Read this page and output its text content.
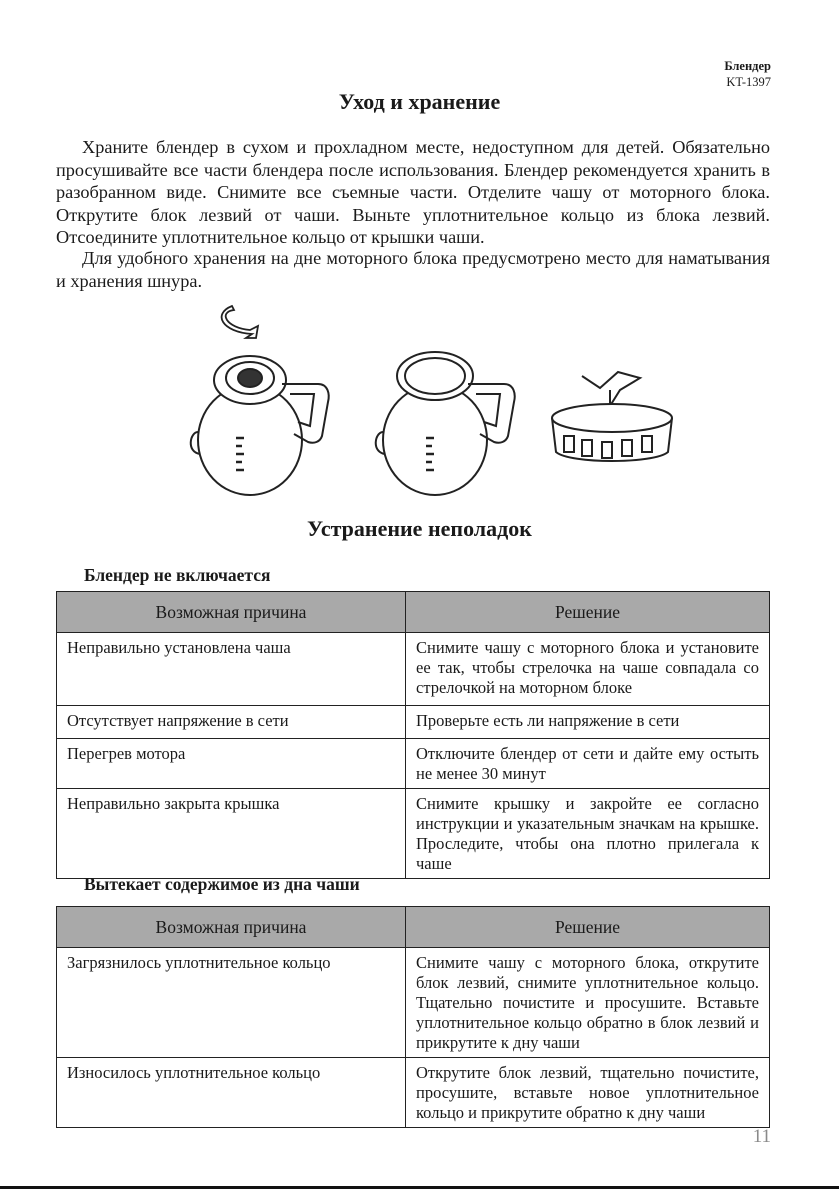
Блендер
KT-1397
Уход и хранение

Храните блендер в сухом и прохладном месте, недоступном для детей. Обязательно просушивайте все части блендера после использования. Блендер рекомендуется хранить в разобранном виде. Снимите все съемные части. Отделите чашу от моторного блока. Открутите блок лезвий от чаши. Выньте уплотнительное кольцо из блока лезвий. Отсоедините уплотнительное кольцо от крышки чаши.

Для удобного хранения на дне моторного блока предусмотрено место для наматывания и хранения шнура.

Устранение неполадок
Блендер не включается
Возможная причина	Решение
Неправильно установлена чаша	Снимите чашу с моторного блока и установите ее так, чтобы стрелочка на чаше совпадала со стрелочкой на моторном блоке
Отсутствует напряжение в сети	Проверьте есть ли напряжение в сети
Перегрев мотора	Отключите блендер от сети и дайте ему остыть не менее 30 минут
Неправильно закрыта крышка	Снимите крышку и закройте ее согласно инструкции и указательным значкам на крышке. Проследите, чтобы она плотно прилегала к чаше
Вытекает содержимое из дна чаши
Возможная причина	Решение
Загрязнилось уплотнительное кольцо	Снимите чашу с моторного блока, открутите блок лезвий, снимите уплотнительное кольцо. Тщательно почистите и просушите. Вставьте уплотнительное кольцо обратно в блок лезвий и прикрутите к дну чаши
Износилось уплотнительное кольцо	Открутите блок лезвий, тщательно почистите, просушите, вставьте новое уплотнительное кольцо и прикрутите обратно к дну чаши
11
